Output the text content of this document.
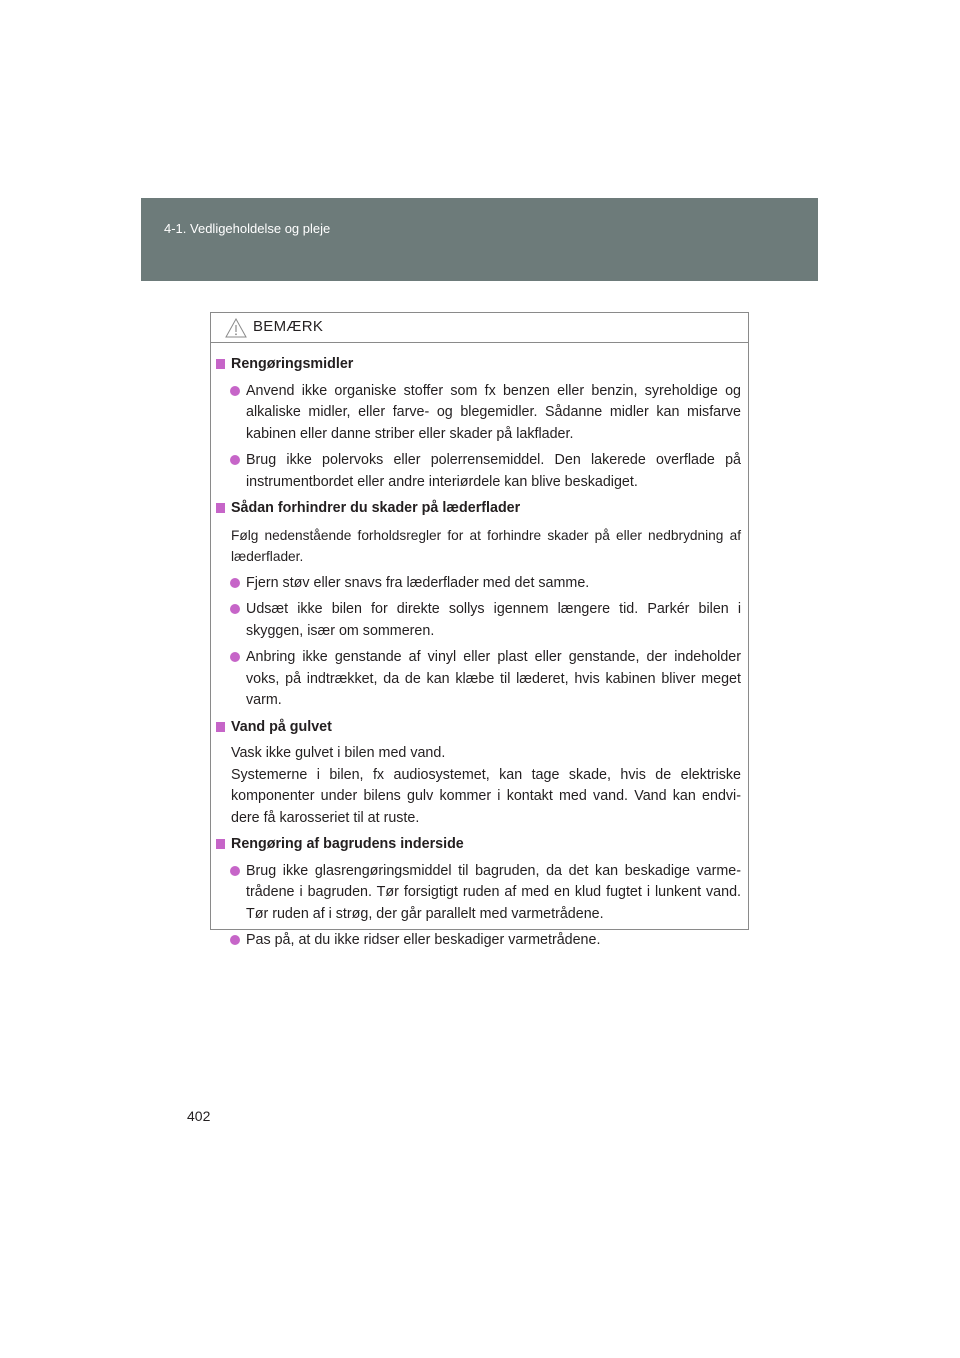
4-1. Vedligeholdelse og pleje
BEMÆRK
Rengøringsmidler
Anvend ikke organiske stoffer som fx benzen eller benzin, syreholdige og alkaliske midler, eller farve- og blegemidler. Sådanne midler kan misfarve kabinen eller danne striber eller skader på lakflader.
Brug ikke polervoks eller polerrensemiddel. Den lakerede overflade på instrumentbordet eller andre interiørdele kan blive beskadiget.
Sådan forhindrer du skader på læderflader
Følg nedenstående forholdsregler for at forhindre skader på eller nedbrydning af læderflader.
Fjern støv eller snavs fra læderflader med det samme.
Udsæt ikke bilen for direkte sollys igennem længere tid. Parkér bilen i skyggen, især om sommeren.
Anbring ikke genstande af vinyl eller plast eller genstande, der indeholder voks, på indtrækket, da de kan klæbe til læderet, hvis kabinen bliver meget varm.
Vand på gulvet
Vask ikke gulvet i bilen med vand.
Systemerne i bilen, fx audiosystemet, kan tage skade, hvis de elektriske komponenter under bilens gulv kommer i kontakt med vand. Vand kan endvi-dere få karosseriet til at ruste.
Rengøring af bagrudens inderside
Brug ikke glasrengøringsmiddel til bagruden, da det kan beskadige varme-trådene i bagruden. Tør forsigtigt ruden af med en klud fugtet i lunkent vand. Tør ruden af i strøg, der går parallelt med varmetrådene.
Pas på, at du ikke ridser eller beskadiger varmetrådene.
402
